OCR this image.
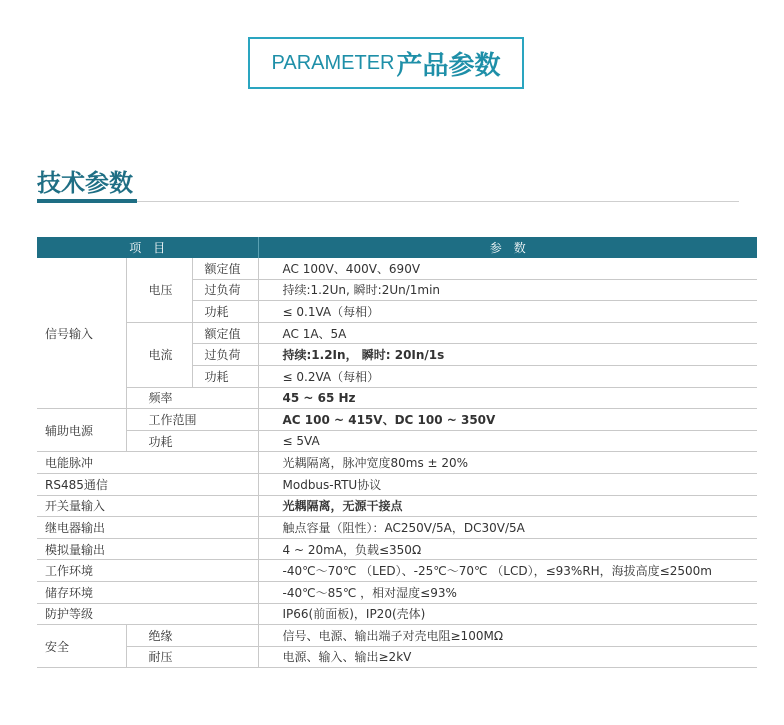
PARAMETER 产品参数
技术参数
项　目			参　数
信号输入	电压	额定值	AC 100V、400V、690V
		过负荷	持续:1.2Un, 瞬时:2Un/1min
		功耗	≤ 0.1VA（每相）
	电流	额定值	AC 1A、5A
		过负荷	持续:1.2In， 瞬时: 20In/1s
		功耗	≤ 0.2VA（每相）
	频率		45 ~ 65 Hz
辅助电源	工作范围		AC 100 ~ 415V、DC 100 ~ 350V
	功耗		≤ 5VA
电能脉冲			光耦隔离，脉冲宽度80ms ± 20%
RS485通信			Modbus-RTU协议
开关量输入			光耦隔离，无源干接点
继电器输出			触点容量（阻性）：AC250V/5A，DC30V/5A
模拟量输出			4 ~ 20mA，负载≤350Ω
工作环境			-40℃～70℃ （LED）、-25℃～70℃ （LCD），≤93%RH，海拔高度≤2500m
储存环境			-40℃～85℃ ，相对湿度≤93%
防护等级			IP66(前面板)，IP20(壳体)
安全	绝缘		信号、电源、输出端子对壳电阻≥100MΩ
	耐压		电源、输入、输出≥2kV
